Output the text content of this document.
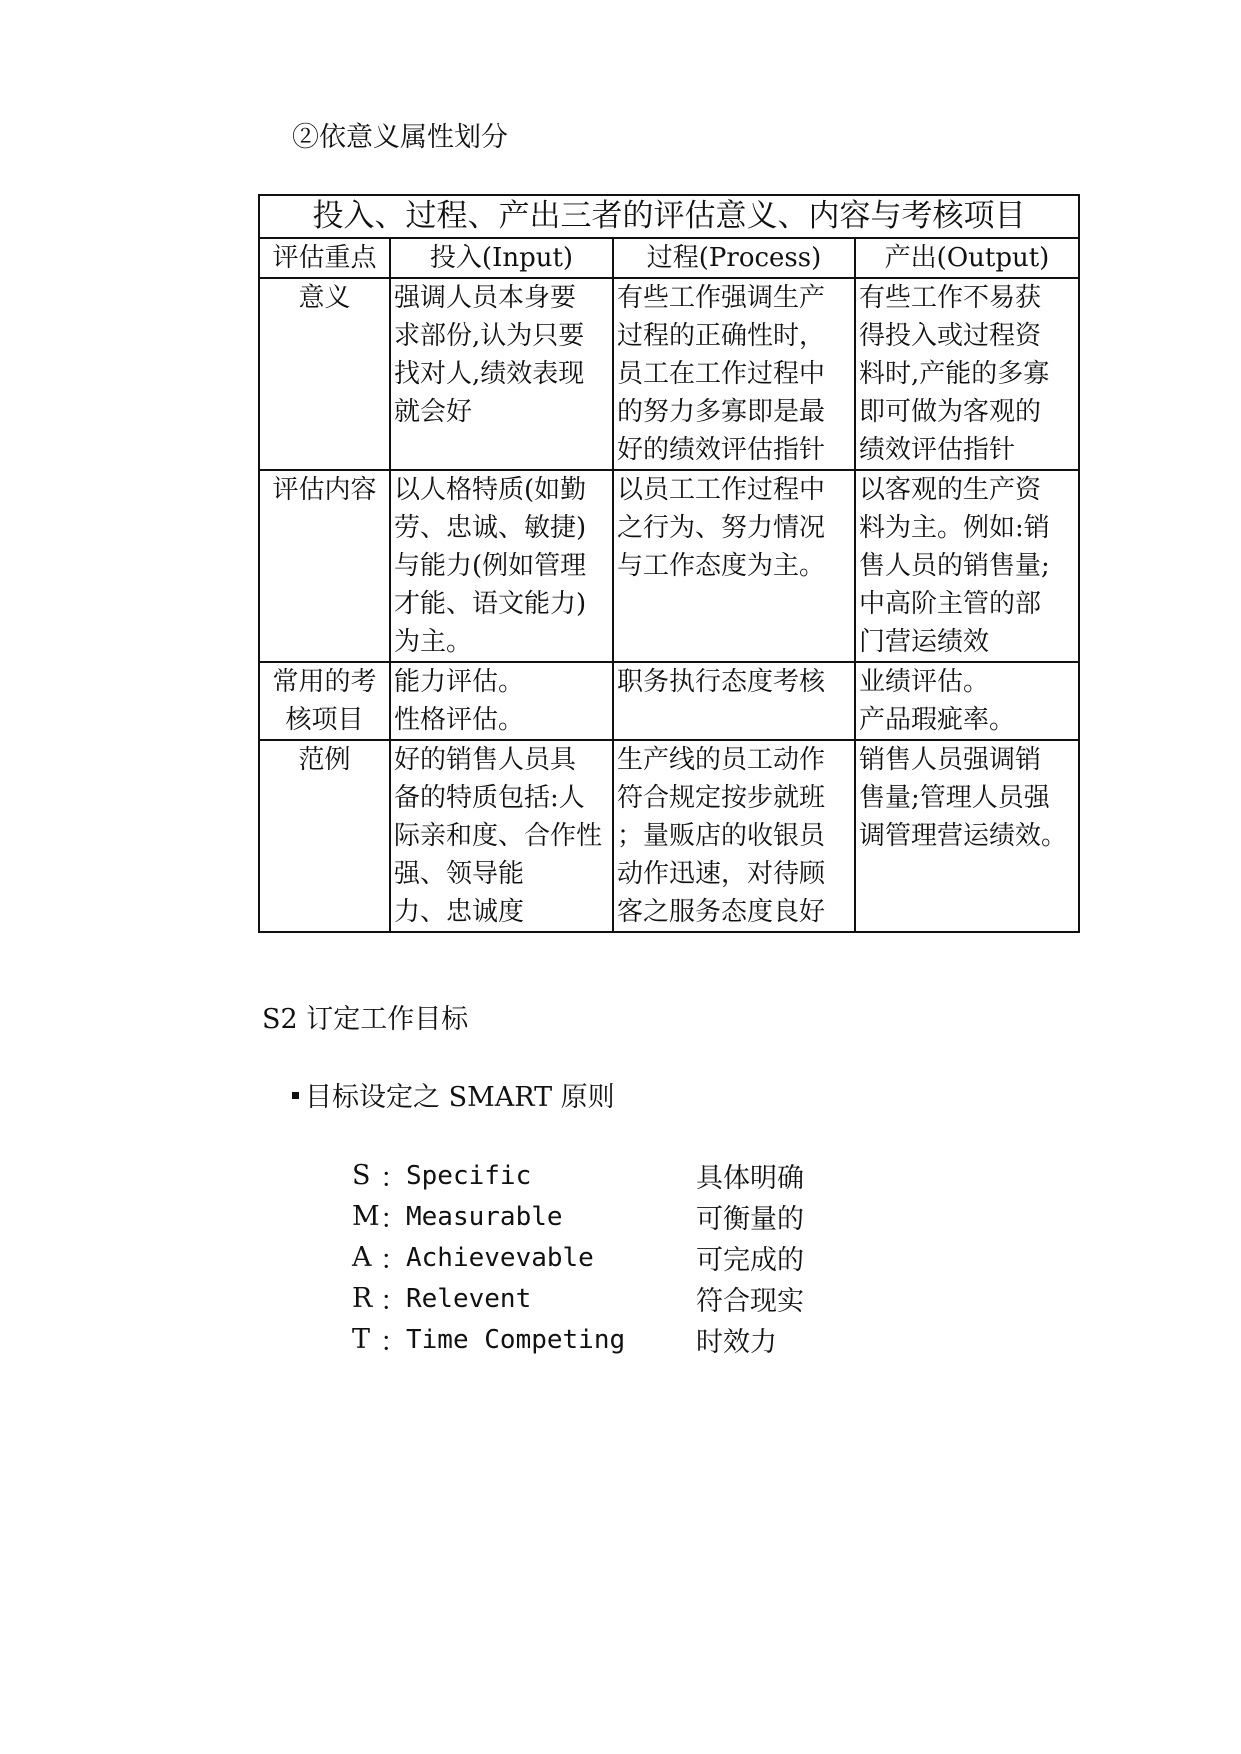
②依意义属性划分
投入、过程、产出三者的评估意义、内容与考核项目			
评估重点	投入(Input)	过程(Process)	产出(Output)

意义	强调人员本身要
求部份,认为只要
找对人,绩效表现
就会好	有些工作强调生产
过程的正确性时，
员工在工作过程中
的努力多寡即是最
好的绩效评估指针	有些工作不易获
得投入或过程资
料时,产能的多寡
即可做为客观的
绩效评估指针

评估内容	以人格特质(如勤
劳、忠诚、敏捷)
与能力(例如管理
才能、语文能力)
为主。	以员工工作过程中
之行为、努力情况
与工作态度为主。	以客观的生产资
料为主。例如:销
售人员的销售量;
中高阶主管的部
门营运绩效

常用的考
核项目	能力评估。
性格评估。	职务执行态度考核	业绩评估。
产品瑕疵率。

范例	好的销售人员具
备的特质包括:人
际亲和度、合作性
强、领导能
力、忠诚度	生产线的员工动作
符合规定按步就班
；量贩店的收银员
动作迅速，对待顾
客之服务态度良好	销售人员强调销
售量;管理人员强
调管理营运绩效。
S2 订定工作目标
目标设定之 SMART 原则
S ： Specific	具体明确
M ： Measurable	可衡量的
A ： Achievevable	可完成的
R ： Relevent	符合现实
T ： Time Competing	时效力
